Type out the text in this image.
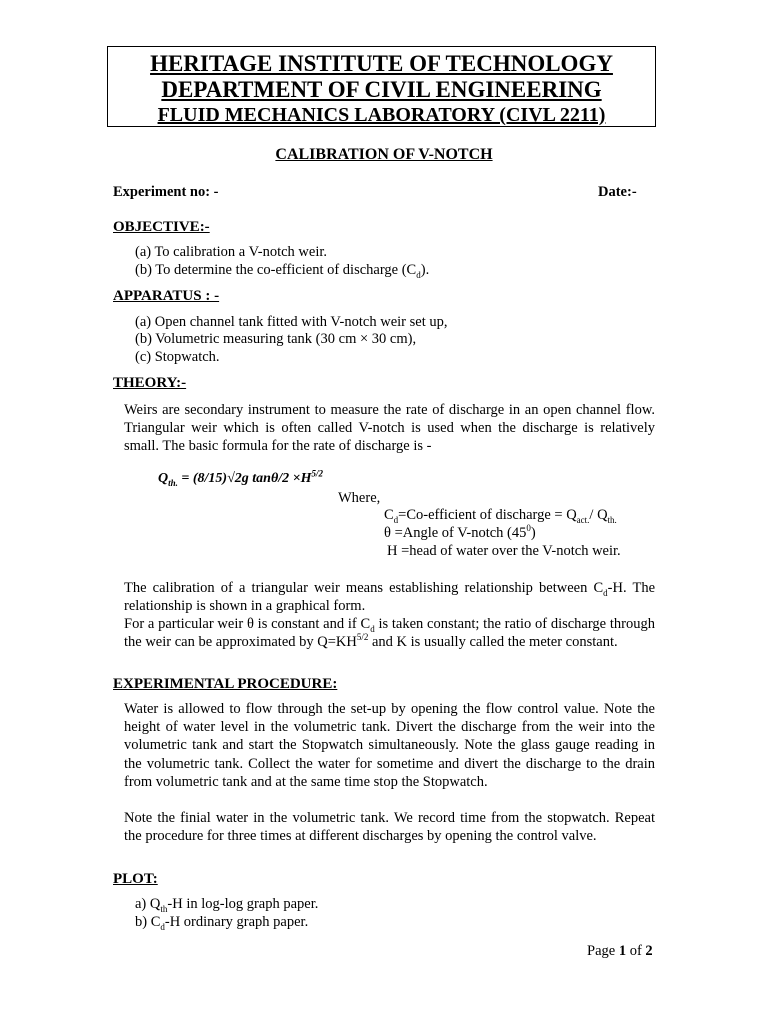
HERITAGE INSTITUTE OF TECHNOLOGY
DEPARTMENT OF CIVIL ENGINEERING
FLUID MECHANICS LABORATORY (CIVL 2211)
CALIBRATION OF V-NOTCH
Experiment no: -	Date:-
OBJECTIVE:-
(a) To calibration a V-notch weir.
(b) To determine the co-efficient of discharge $(C_d)$.
APPARATUS : -
(a) Open channel tank fitted with V-notch weir set up,
(b) Volumetric measuring tank (30 cm × 30 cm),
(c) Stopwatch.
THEORY:-

Weirs are secondary instrument to measure the rate of discharge in an open channel flow. Triangular weir which is often called V-notch is used when the discharge is relatively small. The basic formula for the rate of discharge is -

$Q_{th.} = (8/15)√2g$ $\tan\theta/2 \times H^{5/2}$
Where,
$C_d=Co$-efficient of discharge = $Q_{act.}/$ $Q_{th.}$
θ =Angle of V-notch $(45^0)$
H =head of water over the V-notch weir.

The calibration of a triangular weir means establishing relationship between $C_d-H$. The relationship is shown in a graphical form.

For a particular weir θ is constant and if $C_d$ is taken constant; the ratio of discharge through the weir can be approximated by $Q=KH^{5/2}$ and K is usually called the meter constant.

EXPERIMENTAL PROCEDURE:

Water is allowed to flow through the set-up by opening the flow control value. Note the height of water level in the volumetric tank. Divert the discharge from the weir into the volumetric tank and start the Stopwatch simultaneously. Note the glass gauge reading in the volumetric tank. Collect the water for sometime and divert the discharge to the drain from volumetric tank and at the same time stop the Stopwatch.

Note the finial water in the volumetric tank. We record time from the stopwatch. Repeat the procedure for three times at different discharges by opening the control valve.

PLOT:
a) $Q_{th}-H$ in log-log graph paper.
b) $C_d-H$ ordinary graph paper.
Page 1 of 2
